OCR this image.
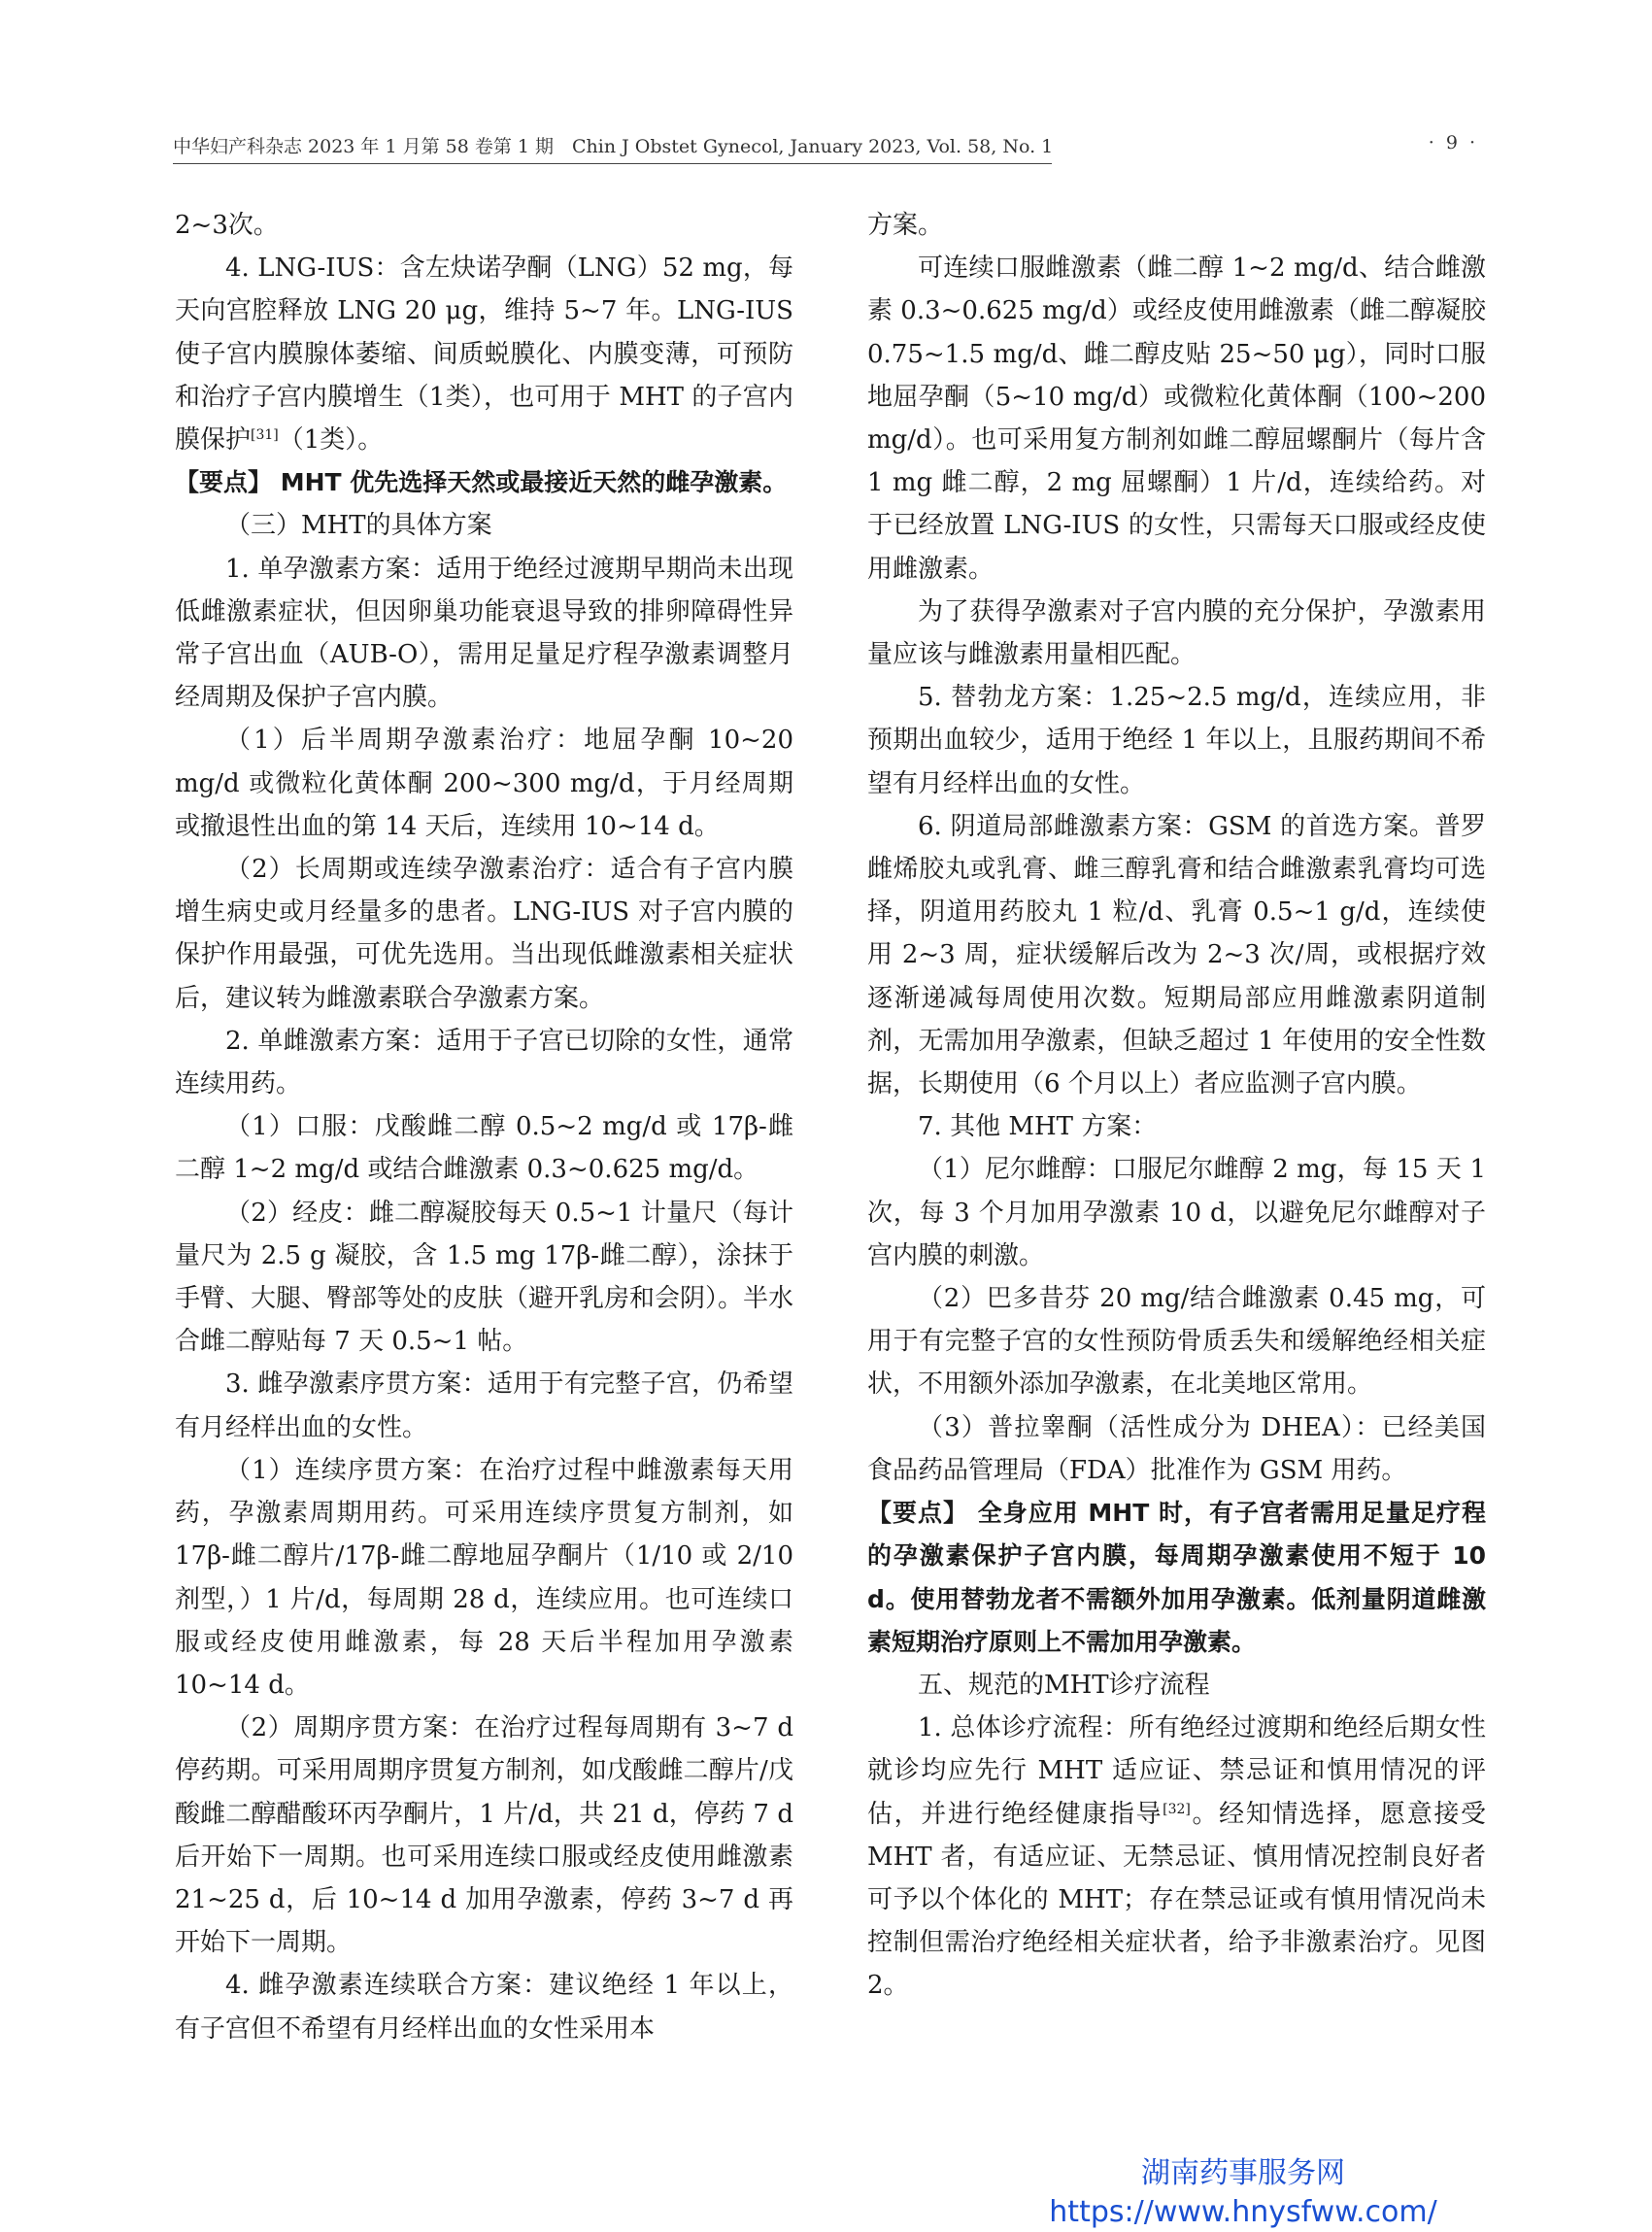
中华妇产科杂志 2023 年 1 月第 58 卷第 1 期　Chin J Obstet Gynecol, January 2023, Vol. 58, No. 1	· 9 ·

2~3次。

4. LNG-IUS：含左炔诺孕酮（LNG）52 mg，每天向宫腔释放 LNG 20 μg，维持 5~7 年。LNG-IUS 使子宫内膜腺体萎缩、间质蜕膜化、内膜变薄，可预防和治疗子宫内膜增生（1类），也可用于 MHT 的子宫内膜保护[31]（1类）。

【要点】 MHT 优先选择天然或最接近天然的雌孕激素。

（三）MHT的具体方案

1. 单孕激素方案：适用于绝经过渡期早期尚未出现低雌激素症状，但因卵巢功能衰退导致的排卵障碍性异常子宫出血（AUB-O），需用足量足疗程孕激素调整月经周期及保护子宫内膜。

（1）后半周期孕激素治疗：地屈孕酮 10~20 mg/d 或微粒化黄体酮 200~300 mg/d，于月经周期或撤退性出血的第 14 天后，连续用 10~14 d。

（2）长周期或连续孕激素治疗：适合有子宫内膜增生病史或月经量多的患者。LNG-IUS 对子宫内膜的保护作用最强，可优先选用。当出现低雌激素相关症状后，建议转为雌激素联合孕激素方案。

2. 单雌激素方案：适用于子宫已切除的女性，通常连续用药。

（1）口服：戊酸雌二醇 0.5~2 mg/d 或 17β-雌二醇 1~2 mg/d 或结合雌激素 0.3~0.625 mg/d。

（2）经皮：雌二醇凝胶每天 0.5~1 计量尺（每计量尺为 2.5 g 凝胶，含 1.5 mg 17β-雌二醇），涂抹于手臂、大腿、臀部等处的皮肤（避开乳房和会阴）。半水合雌二醇贴每 7 天 0.5~1 帖。

3. 雌孕激素序贯方案：适用于有完整子宫，仍希望有月经样出血的女性。

（1）连续序贯方案：在治疗过程中雌激素每天用药，孕激素周期用药。可采用连续序贯复方制剂，如 17β-雌二醇片/17β-雌二醇地屈孕酮片（1/10 或 2/10 剂型，）1 片/d，每周期 28 d，连续应用。也可连续口服或经皮使用雌激素，每 28 天后半程加用孕激素 10~14 d。

（2）周期序贯方案：在治疗过程每周期有 3~7 d 停药期。可采用周期序贯复方制剂，如戊酸雌二醇片/戊酸雌二醇醋酸环丙孕酮片，1 片/d，共 21 d，停药 7 d 后开始下一周期。也可采用连续口服或经皮使用雌激素 21~25 d，后 10~14 d 加用孕激素，停药 3~7 d 再开始下一周期。

4. 雌孕激素连续联合方案：建议绝经 1 年以上，有子宫但不希望有月经样出血的女性采用本

方案。

可连续口服雌激素（雌二醇 1~2 mg/d、结合雌激素 0.3~0.625 mg/d）或经皮使用雌激素（雌二醇凝胶 0.75~1.5 mg/d、雌二醇皮贴 25~50 μg），同时口服地屈孕酮（5~10 mg/d）或微粒化黄体酮（100~200 mg/d）。也可采用复方制剂如雌二醇屈螺酮片（每片含 1 mg 雌二醇，2 mg 屈螺酮）1 片/d，连续给药。对于已经放置 LNG-IUS 的女性，只需每天口服或经皮使用雌激素。

为了获得孕激素对子宫内膜的充分保护，孕激素用量应该与雌激素用量相匹配。

5. 替勃龙方案：1.25~2.5 mg/d，连续应用，非预期出血较少，适用于绝经 1 年以上，且服药期间不希望有月经样出血的女性。

6. 阴道局部雌激素方案：GSM 的首选方案。普罗雌烯胶丸或乳膏、雌三醇乳膏和结合雌激素乳膏均可选择，阴道用药胶丸 1 粒/d、乳膏 0.5~1 g/d，连续使用 2~3 周，症状缓解后改为 2~3 次/周，或根据疗效逐渐递减每周使用次数。短期局部应用雌激素阴道制剂，无需加用孕激素，但缺乏超过 1 年使用的安全性数据，长期使用（6 个月以上）者应监测子宫内膜。

7. 其他 MHT 方案：

（1）尼尔雌醇：口服尼尔雌醇 2 mg，每 15 天 1 次，每 3 个月加用孕激素 10 d，以避免尼尔雌醇对子宫内膜的刺激。

（2）巴多昔芬 20 mg/结合雌激素 0.45 mg，可用于有完整子宫的女性预防骨质丢失和缓解绝经相关症状，不用额外添加孕激素，在北美地区常用。

（3）普拉睾酮（活性成分为 DHEA）：已经美国食品药品管理局（FDA）批准作为 GSM 用药。

【要点】 全身应用 MHT 时，有子宫者需用足量足疗程的孕激素保护子宫内膜，每周期孕激素使用不短于 10 d。使用替勃龙者不需额外加用孕激素。低剂量阴道雌激素短期治疗原则上不需加用孕激素。

五、规范的MHT诊疗流程

1. 总体诊疗流程：所有绝经过渡期和绝经后期女性就诊均应先行 MHT 适应证、禁忌证和慎用情况的评估，并进行绝经健康指导[32]。经知情选择，愿意接受 MHT 者，有适应证、无禁忌证、慎用情况控制良好者可予以个体化的 MHT；存在禁忌证或有慎用情况尚未控制但需治疗绝经相关症状者，给予非激素治疗。见图2。

湖南药事服务网
https://www.hnysfww.com/
